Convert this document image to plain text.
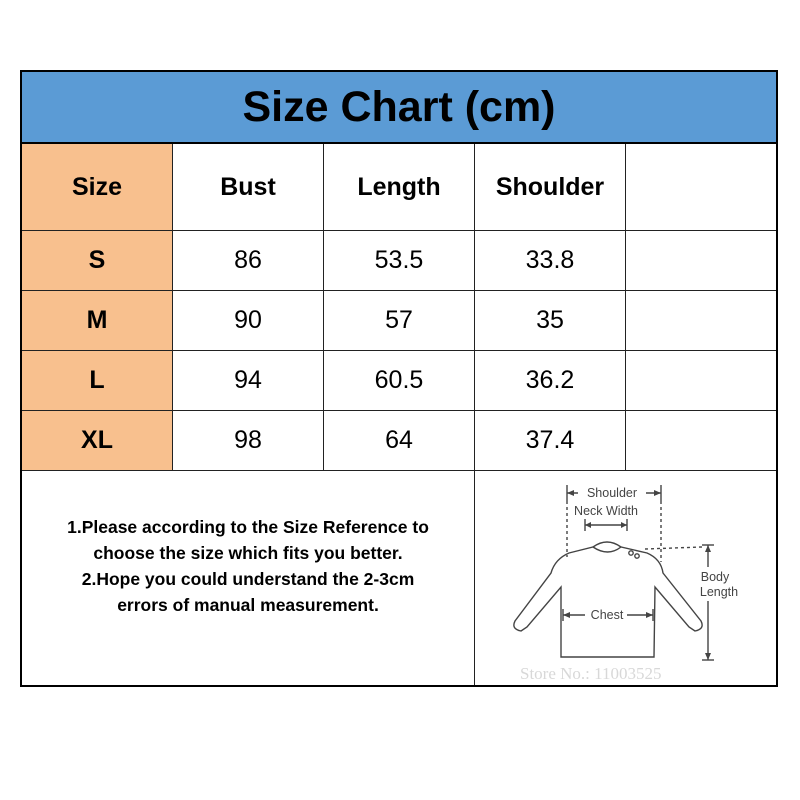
Size Chart (cm)
Size	Bust	Length	Shoulder
S	86	53.5	33.8
M	90	57	35
L	94	60.5	36.2
XL	98	64	37.4
1.Please according to the Size Reference to
choose the size which fits you better.
2.Hope you could understand the 2-3cm
errors of manual measurement.
Shoulder
Neck Width
Chest
Body
Length
Store No.: 11003525
